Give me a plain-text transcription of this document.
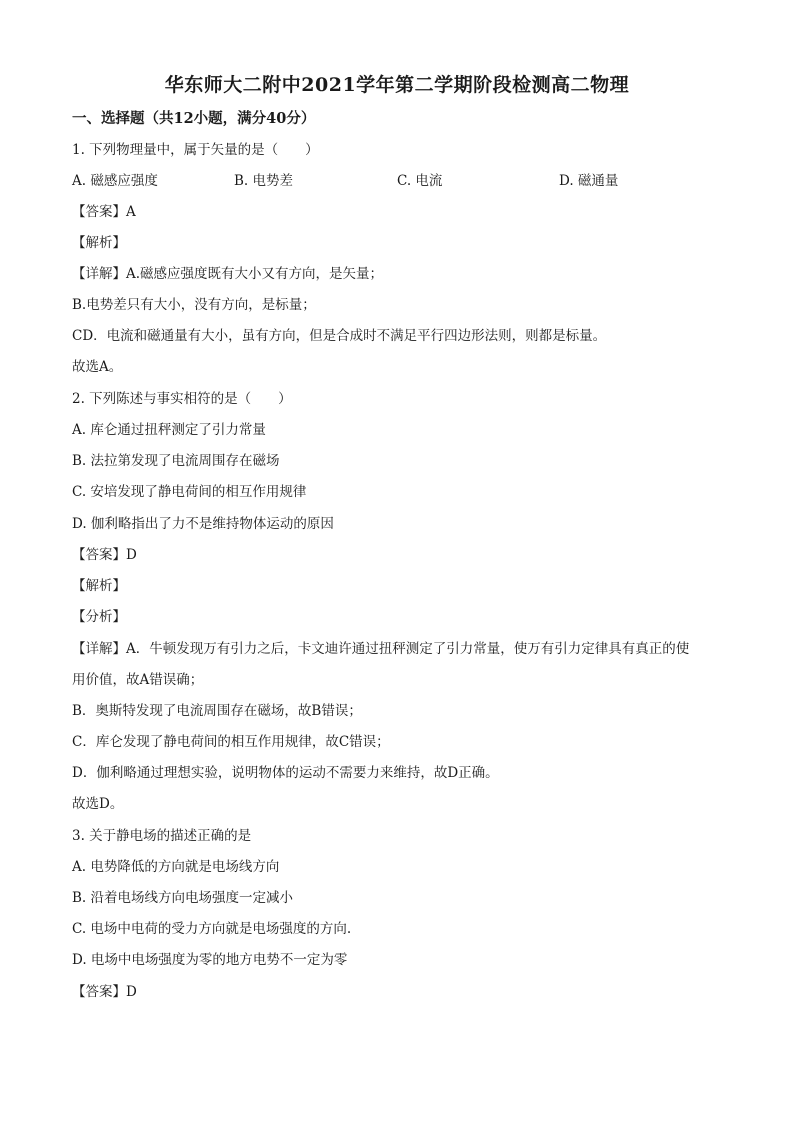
华东师大二附中2021学年第二学期阶段检测高二物理
一、选择题（共12小题，满分40分）
1. 下列物理量中，属于矢量的是（　　）
A. 磁感应强度	B. 电势差	C. 电流	D. 磁通量
【答案】A
【解析】
【详解】A.磁感应强度既有大小又有方向，是矢量；
B.电势差只有大小，没有方向，是标量；
CD．电流和磁通量有大小，虽有方向，但是合成时不满足平行四边形法则，则都是标量。
故选A。
2. 下列陈述与事实相符的是（　　）
A. 库仑通过扭秤测定了引力常量
B. 法拉第发现了电流周围存在磁场
C. 安培发现了静电荷间的相互作用规律
D. 伽利略指出了力不是维持物体运动的原因
【答案】D
【解析】
【分析】
【详解】A．牛顿发现万有引力之后，卡文迪许通过扭秤测定了引力常量，使万有引力定律具有真正的使
用价值，故A错误确；
B．奥斯特发现了电流周围存在磁场，故B错误；
C．库仑发现了静电荷间的相互作用规律，故C错误；
D．伽利略通过理想实验，说明物体的运动不需要力来维持，故D正确。
故选D。
3. 关于静电场的描述正确的是
A. 电势降低的方向就是电场线方向
B. 沿着电场线方向电场强度一定减小
C. 电场中电荷的受力方向就是电场强度的方向.
D. 电场中电场强度为零的地方电势不一定为零
【答案】D
